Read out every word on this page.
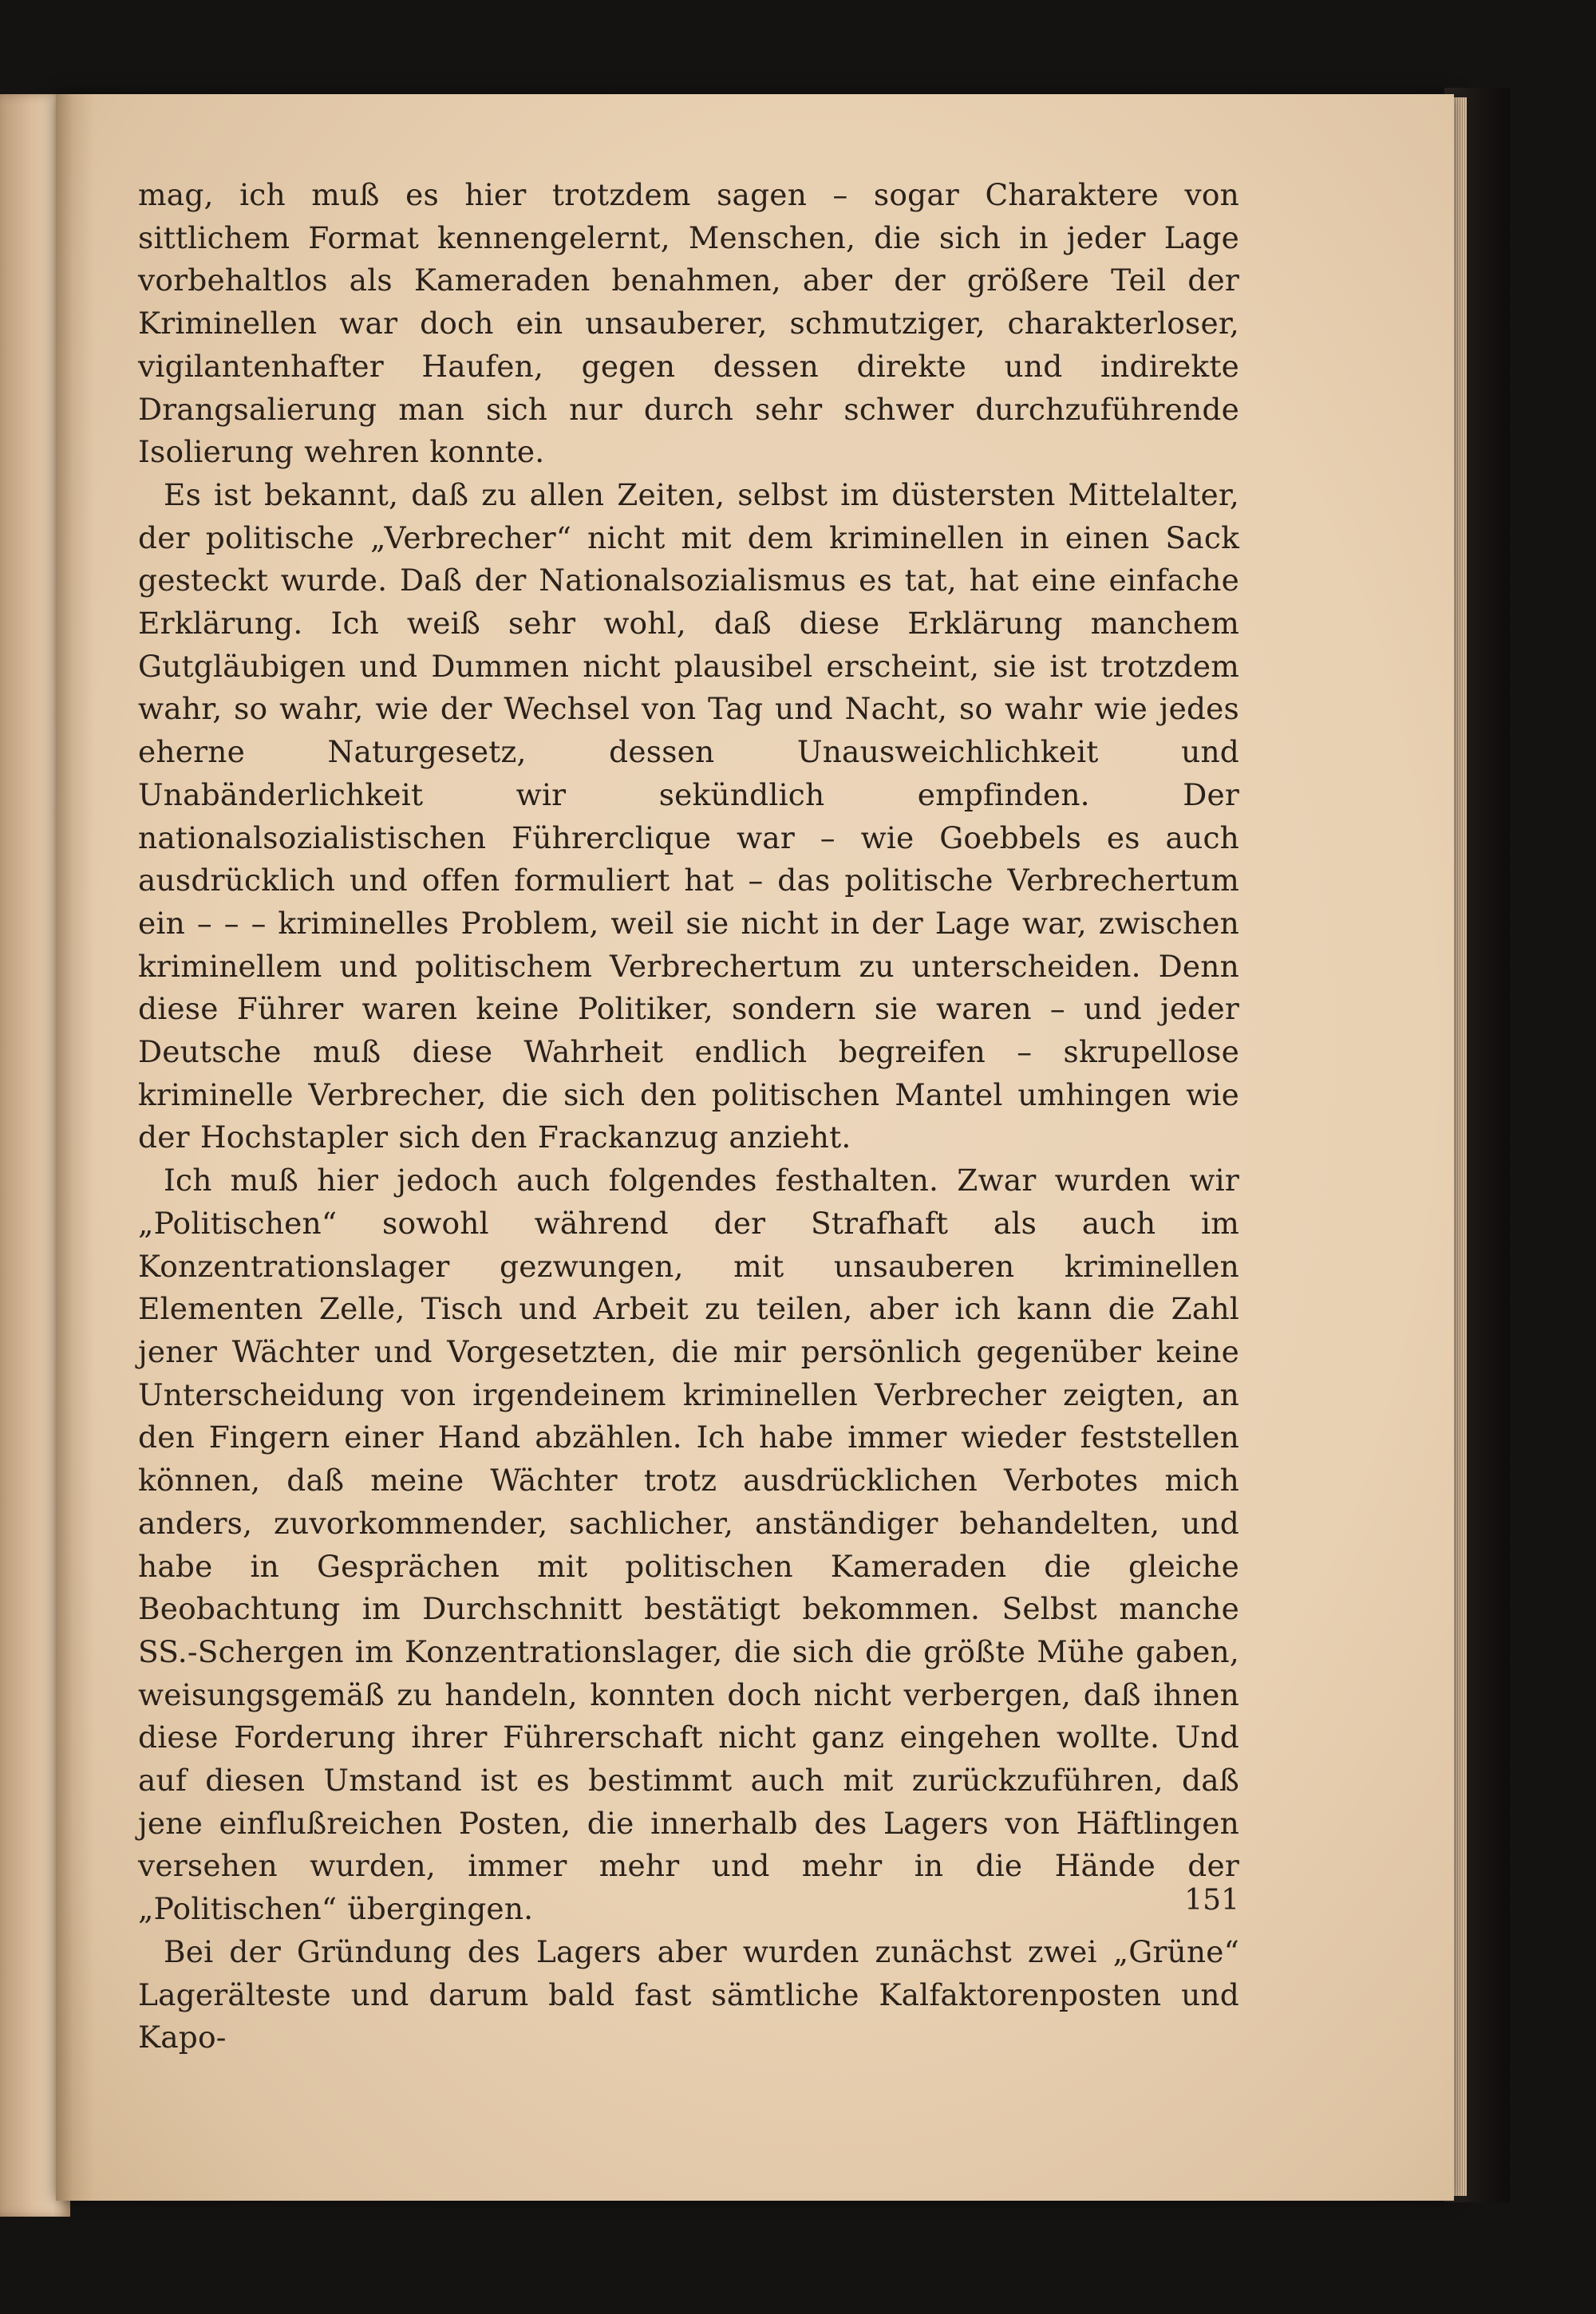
mag, ich muß es hier trotzdem sagen – sogar Charaktere von sittlichem Format kennengelernt, Menschen, die sich in jeder Lage vorbehaltlos als Kameraden benahmen, aber der größere Teil der Kriminellen war doch ein unsauberer, schmutziger, charakterloser, vigilantenhafter Haufen, gegen dessen direkte und indirekte Drangsalierung man sich nur durch sehr schwer durchzuführende Isolierung wehren konnte.

Es ist bekannt, daß zu allen Zeiten, selbst im düstersten Mittelalter, der politische „Verbrecher“ nicht mit dem kriminellen in einen Sack gesteckt wurde. Daß der Nationalsozialismus es tat, hat eine einfache Erklärung. Ich weiß sehr wohl, daß diese Erklärung manchem Gutgläubigen und Dummen nicht plausibel erscheint, sie ist trotzdem wahr, so wahr, wie der Wechsel von Tag und Nacht, so wahr wie jedes eherne Naturgesetz, dessen Unausweichlichkeit und Unabänderlichkeit wir sekündlich empfinden. Der nationalsozialistischen Führerclique war – wie Goebbels es auch ausdrücklich und offen formuliert hat – das politische Verbrechertum ein – – – kriminelles Problem, weil sie nicht in der Lage war, zwischen kriminellem und politischem Verbrechertum zu unterscheiden. Denn diese Führer waren keine Politiker, sondern sie waren – und jeder Deutsche muß diese Wahrheit endlich begreifen – skrupellose kriminelle Verbrecher, die sich den politischen Mantel umhingen wie der Hochstapler sich den Frackanzug anzieht.

Ich muß hier jedoch auch folgendes festhalten. Zwar wurden wir „Politischen“ sowohl während der Strafhaft als auch im Konzentrationslager gezwungen, mit unsauberen kriminellen Elementen Zelle, Tisch und Arbeit zu teilen, aber ich kann die Zahl jener Wächter und Vorgesetzten, die mir persönlich gegenüber keine Unterscheidung von irgendeinem kriminellen Verbrecher zeigten, an den Fingern einer Hand abzählen. Ich habe immer wieder feststellen können, daß meine Wächter trotz ausdrücklichen Verbotes mich anders, zuvorkommender, sachlicher, anständiger behandelten, und habe in Gesprächen mit politischen Kameraden die gleiche Beobachtung im Durchschnitt bestätigt bekommen. Selbst manche SS.-Schergen im Konzentrationslager, die sich die größte Mühe gaben, weisungsgemäß zu handeln, konnten doch nicht verbergen, daß ihnen diese Forderung ihrer Führerschaft nicht ganz eingehen wollte. Und auf diesen Umstand ist es bestimmt auch mit zurückzuführen, daß jene einflußreichen Posten, die innerhalb des Lagers von Häftlingen versehen wurden, immer mehr und mehr in die Hände der „Politischen“ übergingen.

Bei der Gründung des Lagers aber wurden zunächst zwei „Grüne“ Lagerälteste und darum bald fast sämtliche Kalfaktorenposten und Kapo-

151
